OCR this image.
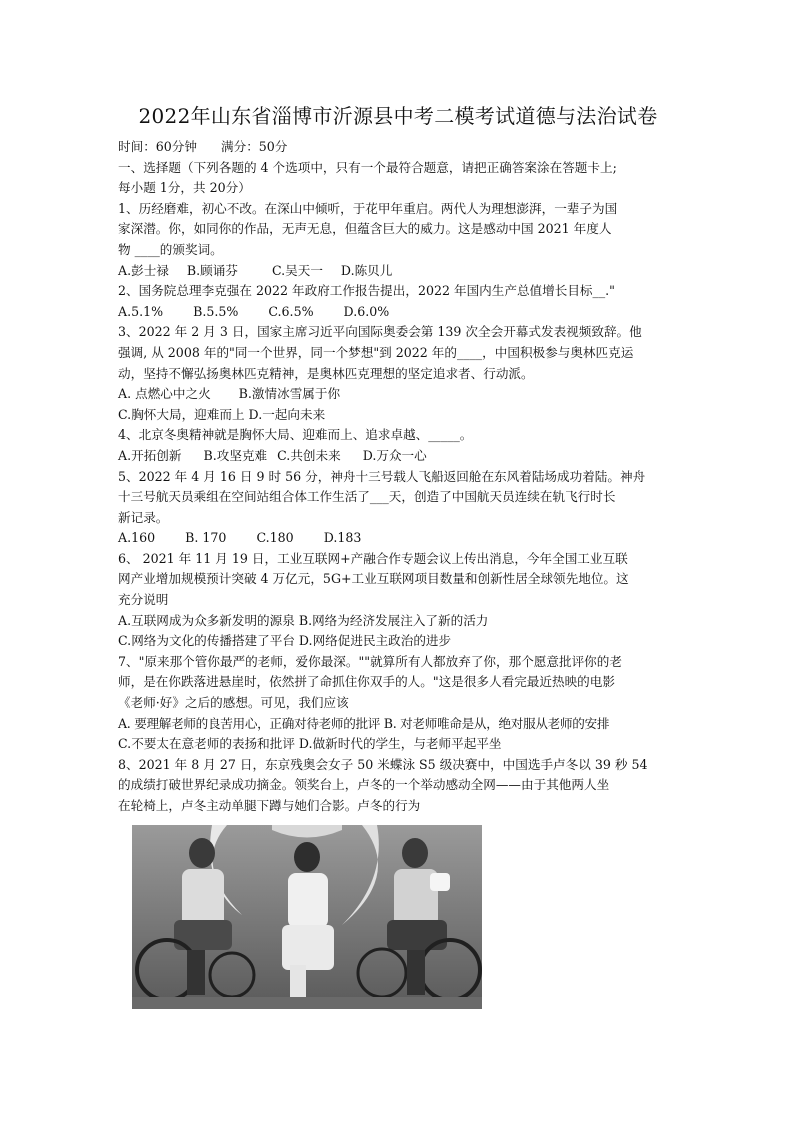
2022年山东省淄博市沂源县中考二模考试道德与法治试卷

时间：60分钟 满分：50分

一、选择题（下列各题的 4 个选项中，只有一个最符合题意，请把正确答案涂在答题卡上;

每小题 1分，共 20分）

1、历经磨难，初心不改。在深山中倾听，于花甲年重启。两代人为理想澎湃，一辈子为国

家深潜。你，如同你的作品，无声无息，但蕴含巨大的威力。这是感动中国 2021 年度人

物 ____的颁奖词。

A.彭士禄 B.顾诵芬	C.吴天一 D.陈贝儿

2、国务院总理李克强在 2022 年政府工作报告提出，2022 年国内生产总值增长目标__."

A.5.1% B.5.5% C.6.5% D.6.0%

3、2022 年 2 月 3 日，国家主席习近平向国际奥委会第 139 次全会开幕式发表视频致辞。他

强调, 从 2008 年的"同一个世界，同一个梦想"到 2022 年的____，中国积极参与奥林匹克运

动，坚持不懈弘扬奥林匹克精神，是奥林匹克理想的坚定追求者、行动派。

A. 点燃心中之火 B.激情冰雪属于你

C.胸怀大局，迎难而上 D.一起向未来

4、北京冬奥精神就是胸怀大局、迎难而上、追求卓越、_____。

A.开拓创新 B.攻坚克难 C.共创未来 D.万众一心

5、2022 年 4 月 16 日 9 时 56 分，神舟十三号载人飞船返回舱在东风着陆场成功着陆。神舟

十三号航天员乘组在空间站组合体工作生活了___天，创造了中国航天员连续在轨飞行时长

新记录。

A.160 B. 170 C.180 D.183

6、 2021 年 11 月 19 日，工业互联网+产融合作专题会议上传出消息，今年全国工业互联

网产业增加规模预计突破 4 万亿元，5G+工业互联网项目数量和创新性居全球领先地位。这

充分说明

A.互联网成为众多新发明的源泉 B.网络为经济发展注入了新的活力

C.网络为文化的传播搭建了平台 D.网络促进民主政治的进步

7、"原来那个管你最严的老师，爱你最深。""就算所有人都放弃了你，那个愿意批评你的老

师，是在你跌落进悬崖时，依然拼了命抓住你双手的人。"这是很多人看完最近热映的电影

《老师·好》之后的感想。可见，我们应该

A. 要理解老师的良苦用心，正确对待老师的批评 B. 对老师唯命是从，绝对服从老师的安排

C.不要太在意老师的表扬和批评 D.做新时代的学生，与老师平起平坐

8、2021 年 8 月 27 日，东京残奥会女子 50 米蝶泳 S5 级决赛中，中国选手卢冬以 39 秒 54

的成绩打破世界纪录成功摘金。领奖台上，卢冬的一个举动感动全网——由于其他两人坐

在轮椅上，卢冬主动单腿下蹲与她们合影。卢冬的行为
